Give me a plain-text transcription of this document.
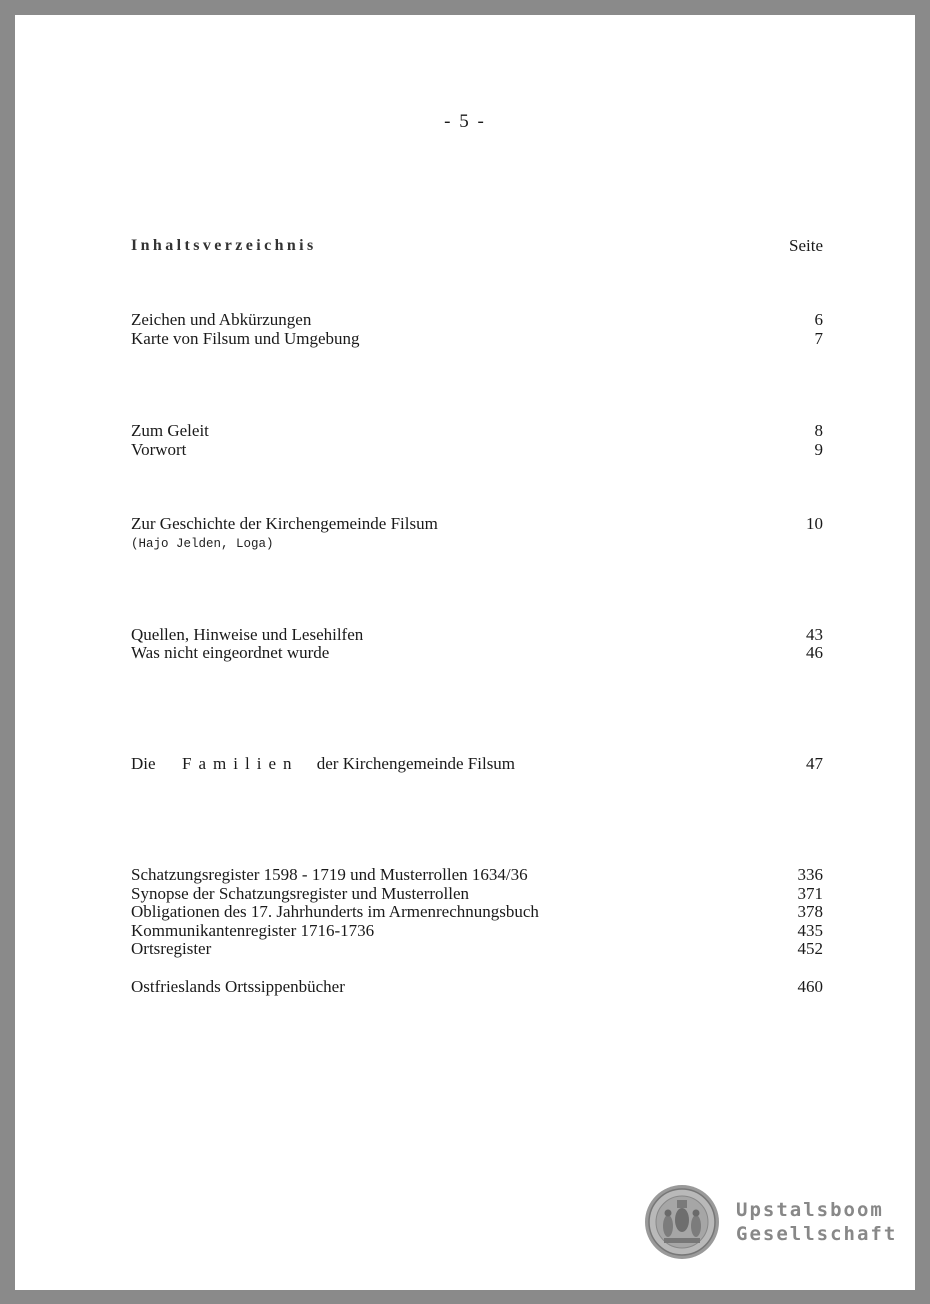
- 5 -
Inhaltsverzeichnis	Seite
Zeichen und Abkürzungen	6
Karte von Filsum und Umgebung	7
Zum Geleit	8
Vorwort	9
Zur Geschichte der Kirchengemeinde Filsum	10
(Hajo Jelden, Loga)
Quellen, Hinweise und Lesehilfen	43
Was nicht eingeordnet wurde	46
Die Familien der Kirchengemeinde Filsum	47
Schatzungsregister 1598 - 1719 und Musterrollen 1634/36	336
Synopse der Schatzungsregister und Musterrollen	371
Obligationen des 17. Jahrhunderts im Armenrechnungsbuch	378
Kommunikantenregister 1716-1736	435
Ortsregister	452
Ostfrieslands Ortssippenbücher	460
Upstalsboom
Gesellschaft
